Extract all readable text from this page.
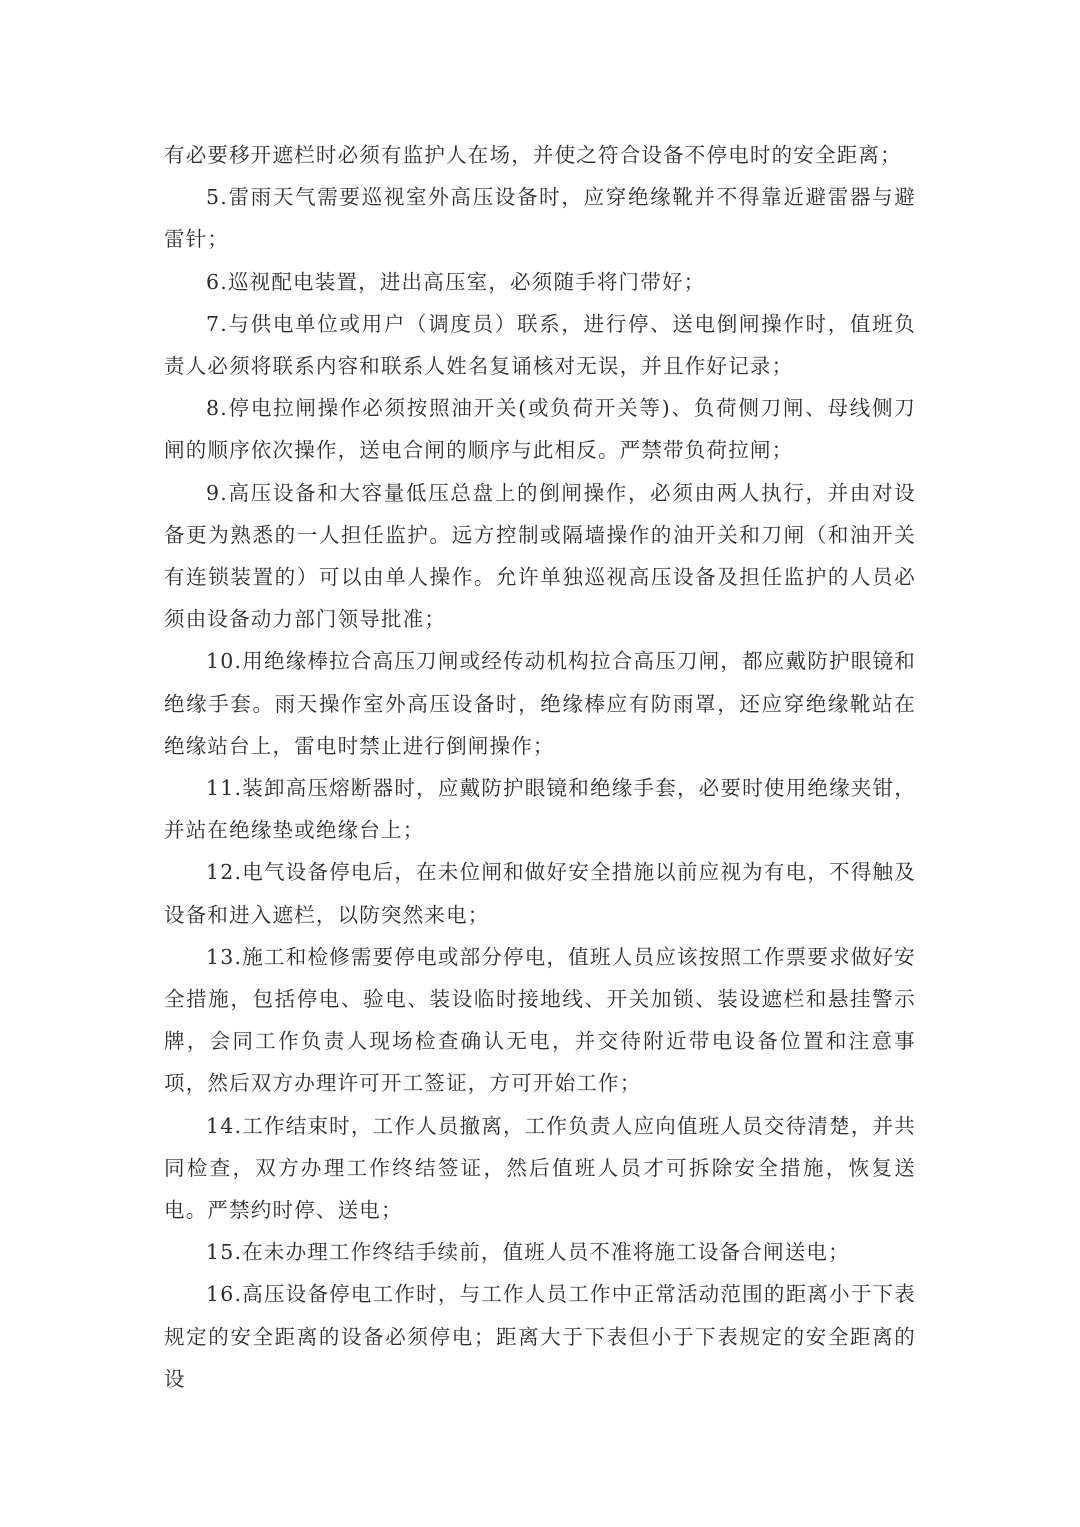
有必要移开遮栏时必须有监护人在场，并使之符合设备不停电时的安全距离；

5.雷雨天气需要巡视室外高压设备时，应穿绝缘靴并不得靠近避雷器与避雷针；

6.巡视配电装置，进出高压室，必须随手将门带好；

7.与供电单位或用户（调度员）联系，进行停、送电倒闸操作时，值班负责人必须将联系内容和联系人姓名复诵核对无误，并且作好记录；

8.停电拉闸操作必须按照油开关(或负荷开关等)、负荷侧刀闸、母线侧刀闸的顺序依次操作，送电合闸的顺序与此相反。严禁带负荷拉闸；

9.高压设备和大容量低压总盘上的倒闸操作，必须由两人执行，并由对设备更为熟悉的一人担任监护。远方控制或隔墙操作的油开关和刀闸（和油开关有连锁装置的）可以由单人操作。允许单独巡视高压设备及担任监护的人员必须由设备动力部门领导批准；

10.用绝缘棒拉合高压刀闸或经传动机构拉合高压刀闸，都应戴防护眼镜和绝缘手套。雨天操作室外高压设备时，绝缘棒应有防雨罩，还应穿绝缘靴站在绝缘站台上，雷电时禁止进行倒闸操作；

11.装卸高压熔断器时，应戴防护眼镜和绝缘手套，必要时使用绝缘夹钳，并站在绝缘垫或绝缘台上；

12.电气设备停电后，在未位闸和做好安全措施以前应视为有电，不得触及设备和进入遮栏，以防突然来电；

13.施工和检修需要停电或部分停电，值班人员应该按照工作票要求做好安全措施，包括停电、验电、装设临时接地线、开关加锁、装设遮栏和悬挂警示牌，会同工作负责人现场检查确认无电，并交待附近带电设备位置和注意事项，然后双方办理许可开工签证，方可开始工作；

14.工作结束时，工作人员撤离，工作负责人应向值班人员交待清楚，并共同检查，双方办理工作终结签证，然后值班人员才可拆除安全措施，恢复送电。严禁约时停、送电；

15.在未办理工作终结手续前，值班人员不准将施工设备合闸送电；

16.高压设备停电工作时，与工作人员工作中正常活动范围的距离小于下表规定的安全距离的设备必须停电；距离大于下表但小于下表规定的安全距离的设
